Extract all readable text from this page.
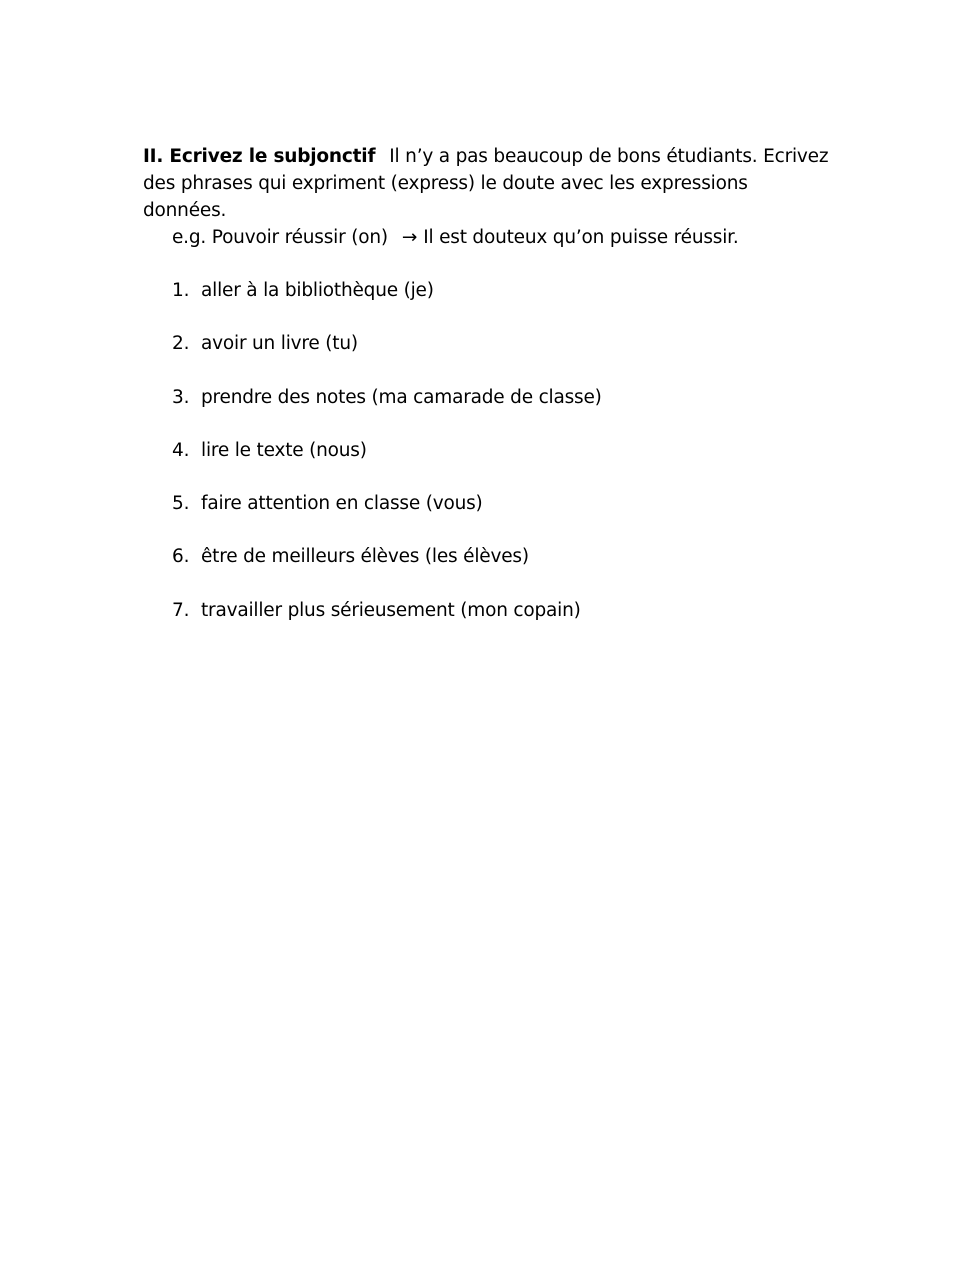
II. Ecrivez le subjonctif Il n’y a pas beaucoup de bons étudiants. Ecrivez des phrases qui expriment (express) le doute avec les expressions données.
e.g. Pouvoir réussir (on) → Il est douteux qu’on puisse réussir.
1. aller à la bibliothèque (je)
2. avoir un livre (tu)
3. prendre des notes (ma camarade de classe)
4. lire le texte (nous)
5. faire attention en classe (vous)
6. être de meilleurs élèves (les élèves)
7. travailler plus sérieusement (mon copain)
